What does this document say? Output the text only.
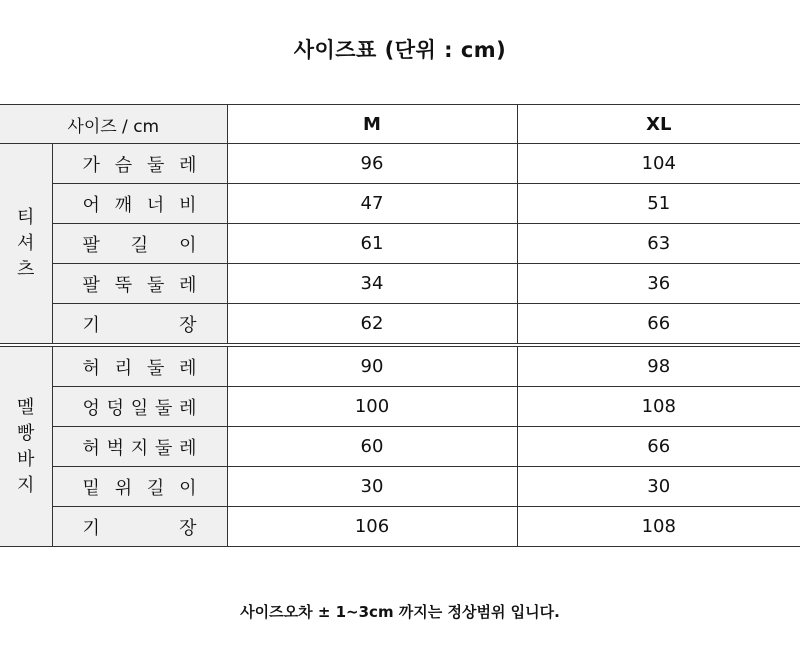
사이즈표 (단위 : cm)
사이즈 / cm		M	XL

티
셔
츠	가 슴 둘 레	96	104

	어 깨 너 비	47	51

	팔 길 이	61	63

	팔 뚝 둘 레	34	36

	기 장	62	66

멜
빵
바
지	허 리 둘 레	90	98

	엉 덩 일 둘 레	100	108

	허 벅 지 둘 레	60	66

	밑 위 길 이	30	30

	기 장	106	108
사이즈오차 ± 1~3cm 까지는 정상범위 입니다.
